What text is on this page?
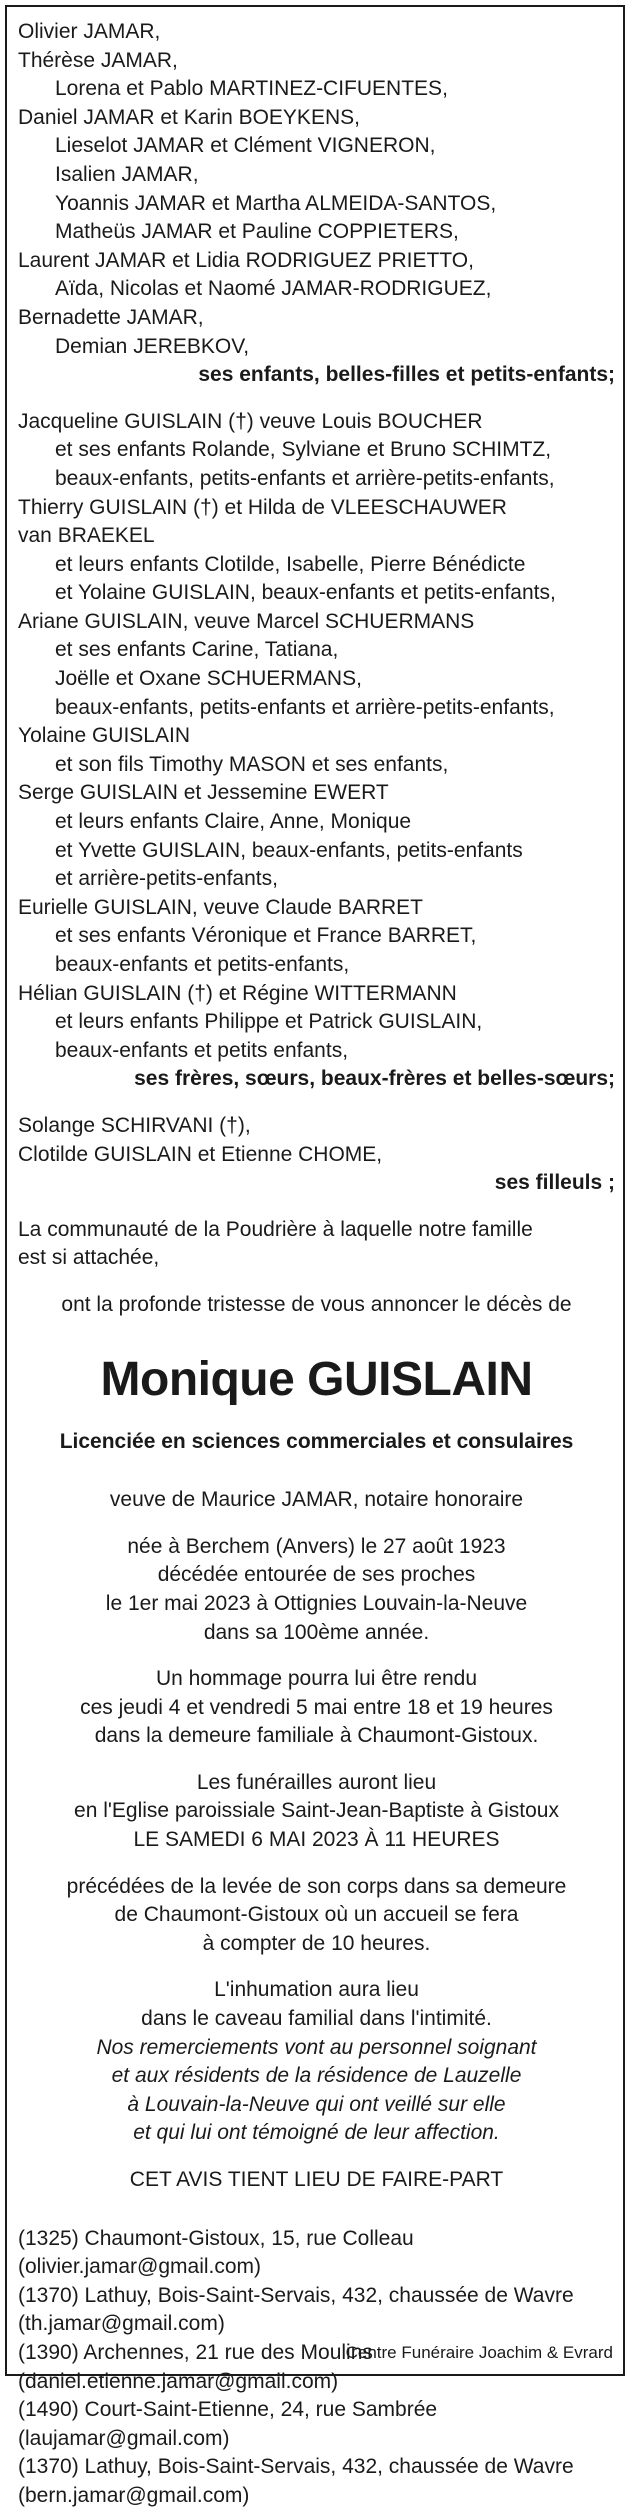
Olivier JAMAR,
Thérèse JAMAR,
Lorena et Pablo MARTINEZ-CIFUENTES,
Daniel JAMAR et Karin BOEYKENS,
Lieselot JAMAR et Clément VIGNERON,
Isalien JAMAR,
Yoannis JAMAR et Martha ALMEIDA-SANTOS,
Matheüs JAMAR et Pauline COPPIETERS,
Laurent JAMAR et Lidia RODRIGUEZ PRIETTO,
Aïda, Nicolas et Naomé JAMAR-RODRIGUEZ,
Bernadette JAMAR,
Demian JEREBKOV,
ses enfants, belles-filles et petits-enfants;
Jacqueline GUISLAIN (†) veuve Louis BOUCHER
et ses enfants Rolande, Sylviane et Bruno SCHIMTZ,
beaux-enfants, petits-enfants et arrière-petits-enfants,
Thierry GUISLAIN (†) et Hilda de VLEESCHAUWER
van BRAEKEL
et leurs enfants Clotilde, Isabelle, Pierre Bénédicte
et Yolaine GUISLAIN, beaux-enfants et petits-enfants,
Ariane GUISLAIN, veuve Marcel SCHUERMANS
et ses enfants Carine, Tatiana,
Joëlle et Oxane SCHUERMANS,
beaux-enfants, petits-enfants et arrière-petits-enfants,
Yolaine GUISLAIN
et son fils Timothy MASON et ses enfants,
Serge GUISLAIN et Jessemine EWERT
et leurs enfants Claire, Anne, Monique
et Yvette GUISLAIN, beaux-enfants, petits-enfants
et arrière-petits-enfants,
Eurielle GUISLAIN, veuve Claude BARRET
et ses enfants Véronique et France BARRET,
beaux-enfants et petits-enfants,
Hélian GUISLAIN (†) et Régine WITTERMANN
et leurs enfants Philippe et Patrick GUISLAIN,
beaux-enfants et petits enfants,
ses frères, sœurs, beaux-frères et belles-sœurs;
Solange SCHIRVANI (†),
Clotilde GUISLAIN et Etienne CHOME,
ses filleuls ;
La communauté de la Poudrière à laquelle notre famille
est si attachée,
ont la profonde tristesse de vous annoncer le décès de
Monique GUISLAIN
Licenciée en sciences commerciales et consulaires
veuve de Maurice JAMAR, notaire honoraire
née à Berchem (Anvers) le 27 août 1923
décédée entourée de ses proches
le 1er mai 2023 à Ottignies Louvain-la-Neuve
dans sa 100ème année.
Un hommage pourra lui être rendu
ces jeudi 4 et vendredi 5 mai entre 18 et 19 heures
dans la demeure familiale à Chaumont-Gistoux.
Les funérailles auront lieu
en l'Eglise paroissiale Saint-Jean-Baptiste à Gistoux
LE SAMEDI 6 MAI 2023 À 11 HEURES
précédées de la levée de son corps dans sa demeure
de Chaumont-Gistoux où un accueil se fera
à compter de 10 heures.
L'inhumation aura lieu
dans le caveau familial dans l'intimité.
Nos remerciements vont au personnel soignant
et aux résidents de la résidence de Lauzelle
à Louvain-la-Neuve qui ont veillé sur elle
et qui lui ont témoigné de leur affection.
CET AVIS TIENT LIEU DE FAIRE-PART
(1325) Chaumont-Gistoux, 15, rue Colleau
(olivier.jamar@gmail.com)
(1370) Lathuy, Bois-Saint-Servais, 432, chaussée de Wavre
(th.jamar@gmail.com)
(1390) Archennes, 21 rue des Moulins
(daniel.etienne.jamar@gmail.com)
(1490) Court-Saint-Etienne, 24, rue Sambrée
(laujamar@gmail.com)
(1370) Lathuy, Bois-Saint-Servais, 432, chaussée de Wavre
(bern.jamar@gmail.com)
Centre Funéraire Joachim & Evrard
